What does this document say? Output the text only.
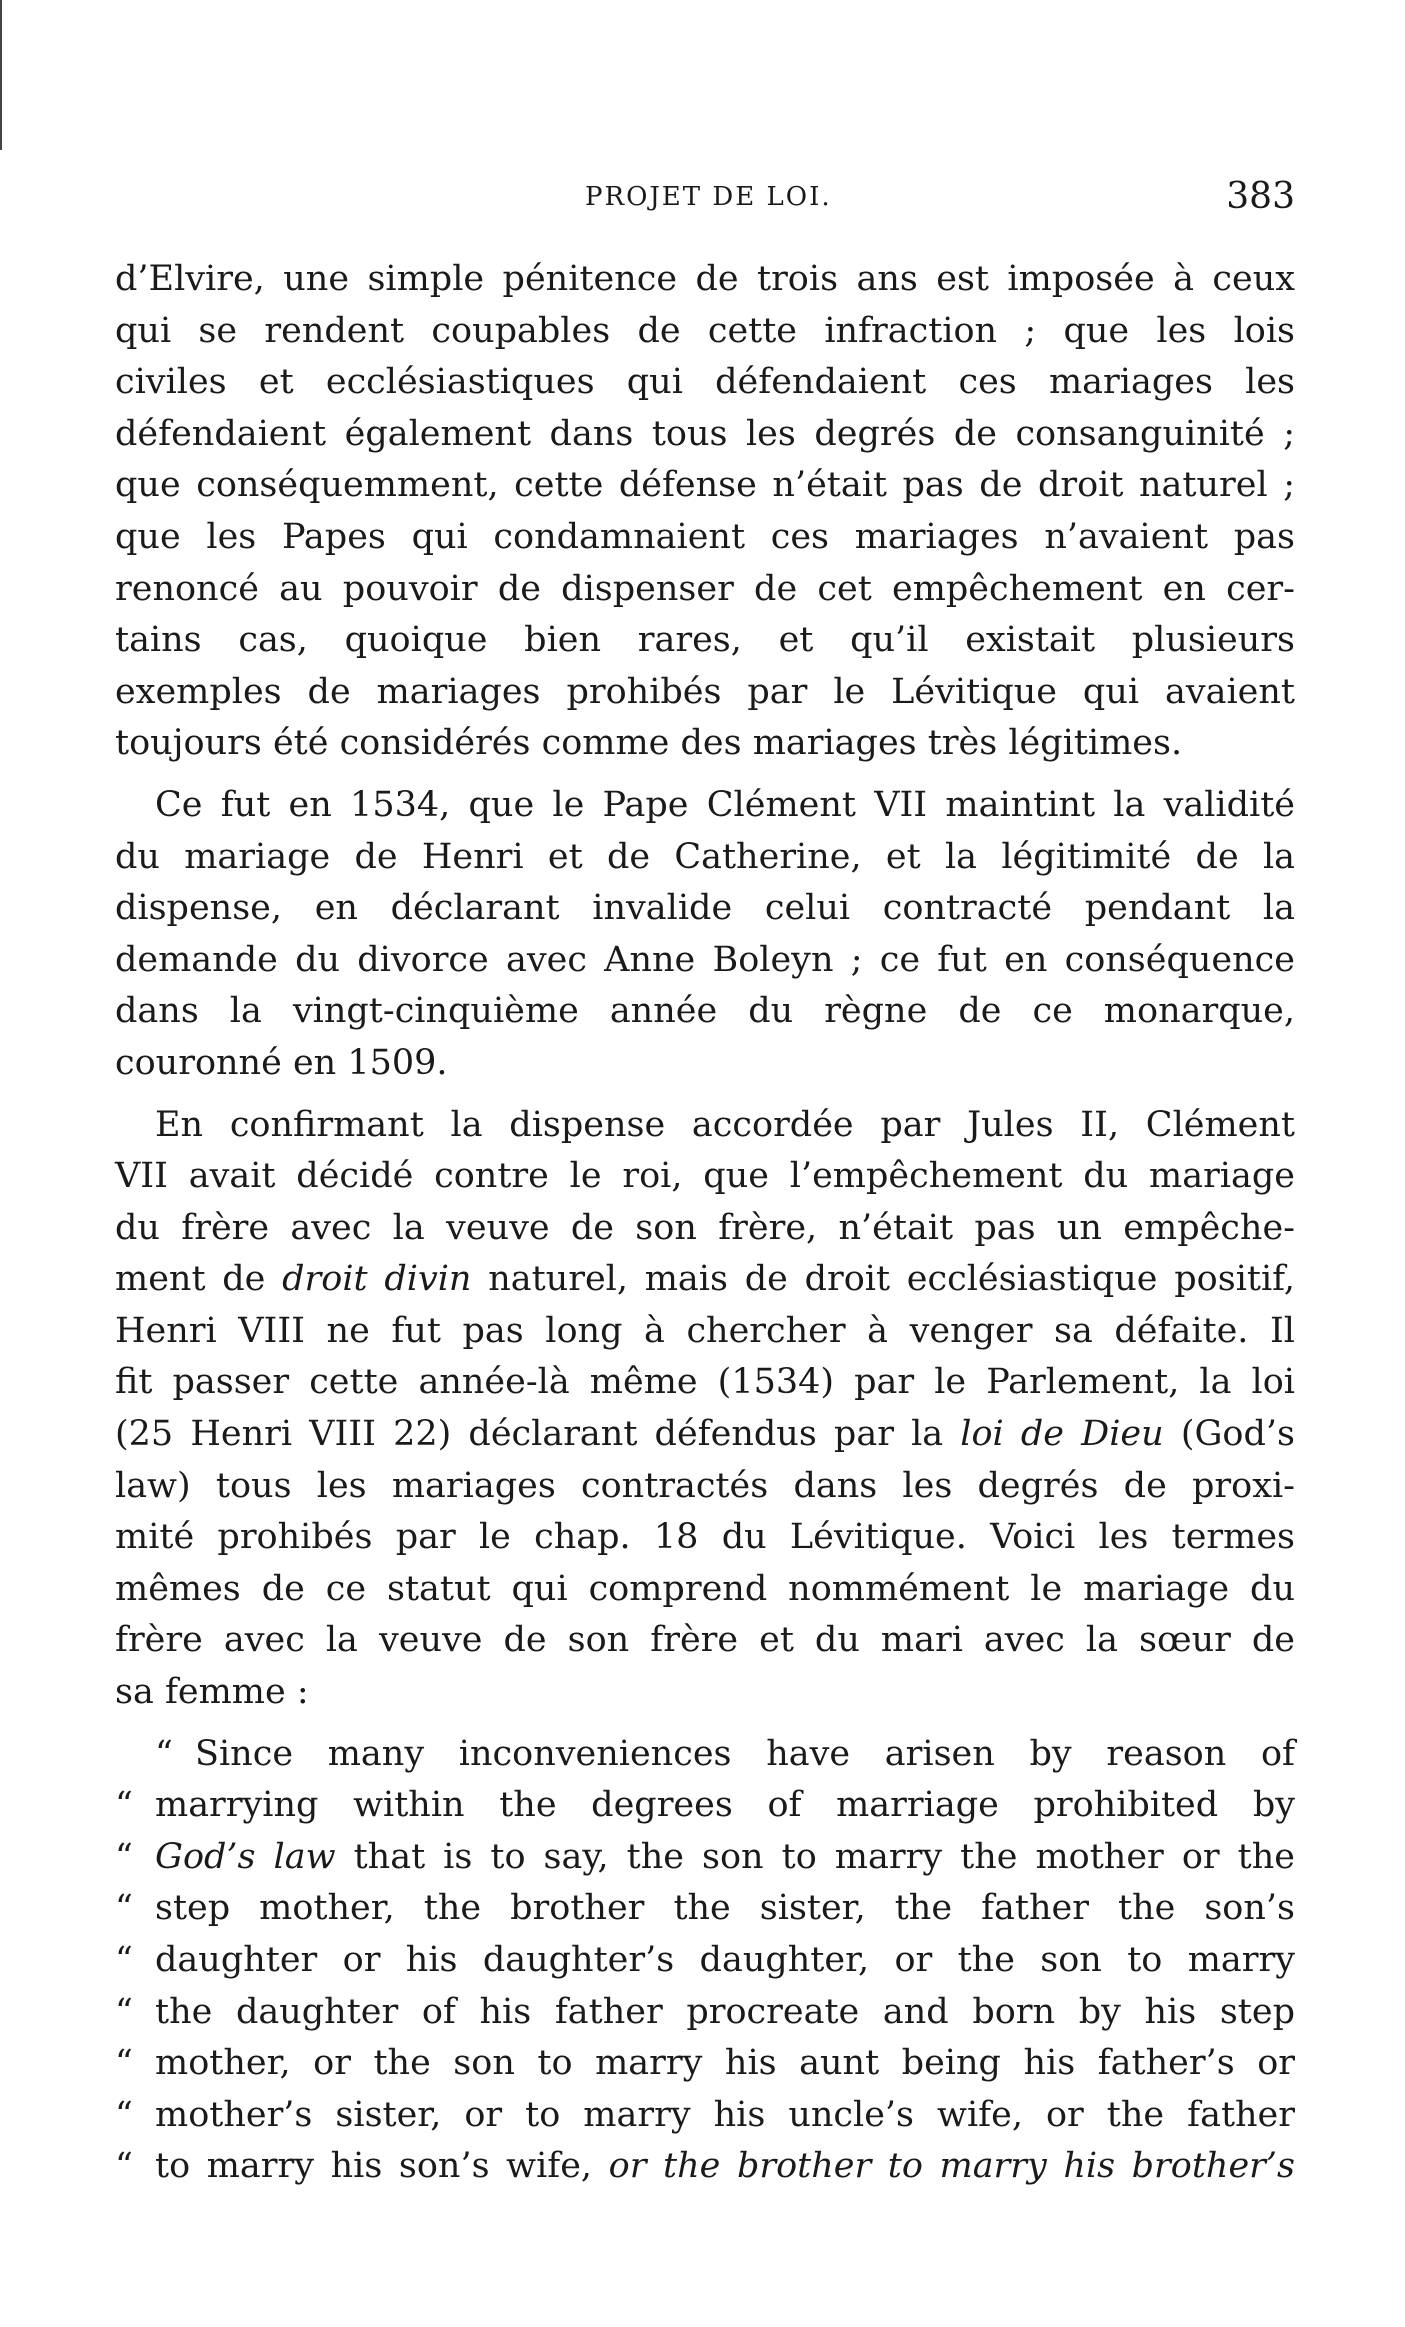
PROJET DE LOI.	383
d’Elvire, une simple pénitence de trois ans est imposée à ceux
qui se rendent coupables de cette infraction ; que les lois
civiles et ecclésiastiques qui défendaient ces mariages les
défendaient également dans tous les degrés de consanguinité ;
que conséquemment, cette défense n’était pas de droit naturel ;
que les Papes qui condamnaient ces mariages n’avaient pas
renoncé au pouvoir de dispenser de cet empêchement en cer-
tains cas, quoique bien rares, et qu’il existait plusieurs
exemples de mariages prohibés par le Lévitique qui avaient
toujours été considérés comme des mariages très légitimes.
Ce fut en 1534, que le Pape Clément VII maintint la validité
du mariage de Henri et de Catherine, et la légitimité de la
dispense, en déclarant invalide celui contracté pendant la
demande du divorce avec Anne Boleyn ; ce fut en conséquence
dans la vingt-cinquième année du règne de ce monarque,
couronné en 1509.
En confirmant la dispense accordée par Jules II, Clément
VII avait décidé contre le roi, que l’empêchement du mariage
du frère avec la veuve de son frère, n’était pas un empêche-
ment de droit divin naturel, mais de droit ecclésiastique positif,
Henri VIII ne fut pas long à chercher à venger sa défaite. Il
fit passer cette année-là même (1534) par le Parlement, la loi
(25 Henri VIII 22) déclarant défendus par la loi de Dieu (God’s
law) tous les mariages contractés dans les degrés de proxi-
mité prohibés par le chap. 18 du Lévitique. Voici les termes
mêmes de ce statut qui comprend nommément le mariage du
frère avec la veuve de son frère et du mari avec la sœur de
sa femme :
“ Since many inconveniences have arisen by reason of
“ marrying within the degrees of marriage prohibited by
“ God’s law that is to say, the son to marry the mother or the
“ step mother, the brother the sister, the father the son’s
“ daughter or his daughter’s daughter, or the son to marry
“ the daughter of his father procreate and born by his step
“ mother, or the son to marry his aunt being his father’s or
“ mother’s sister, or to marry his uncle’s wife, or the father
“ to marry his son’s wife, or the brother to marry his brother’s
